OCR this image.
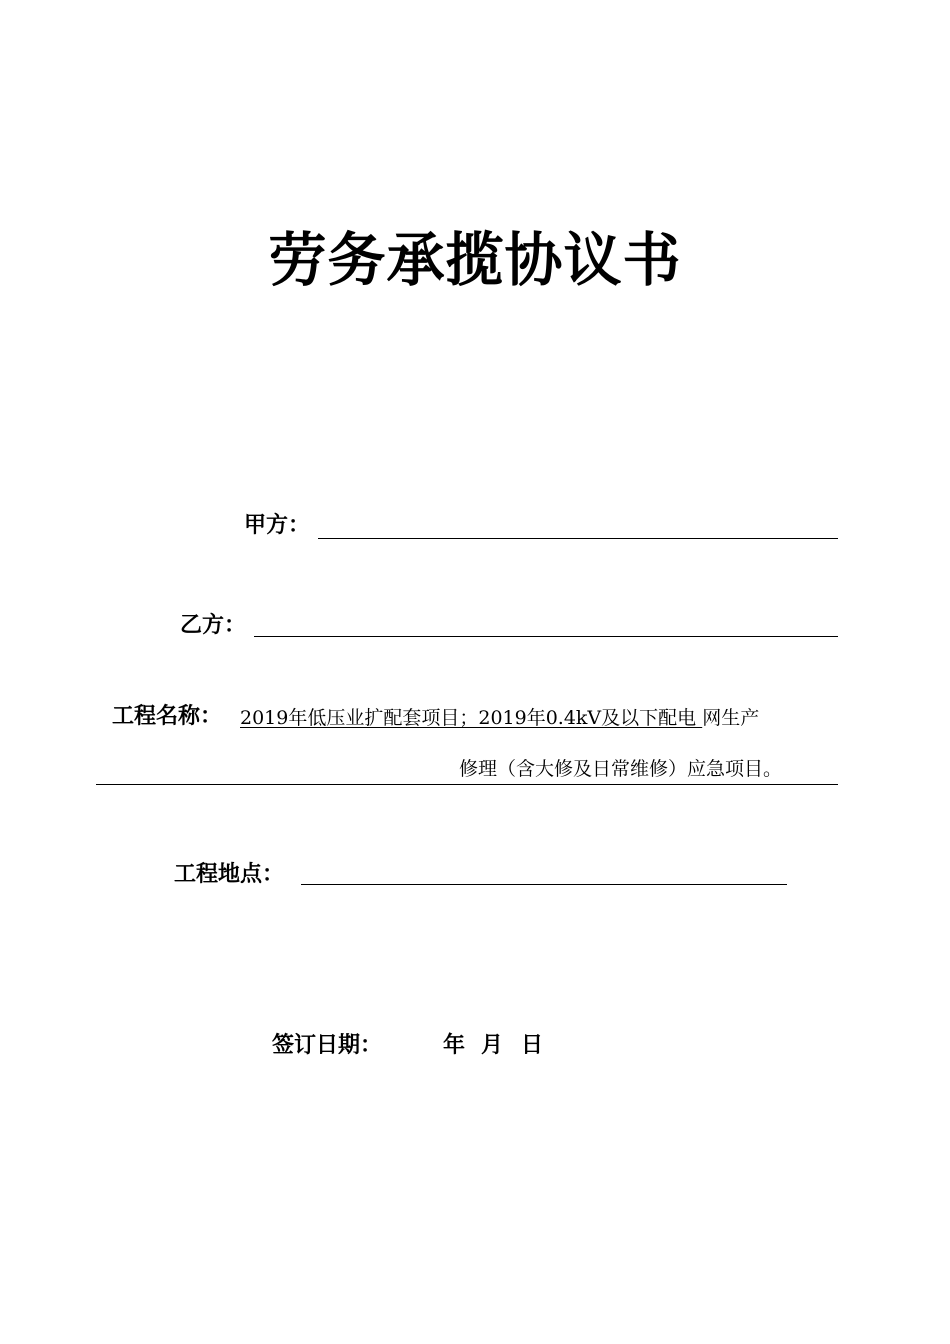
劳务承揽协议书
甲方：
乙方：
工程名称： 2019年低压业扩配套项目；2019年0.4kV及以下配电 网生产
修理（含大修及日常维修）应急项目。
工程地点：
签订日期：	年 月 日
